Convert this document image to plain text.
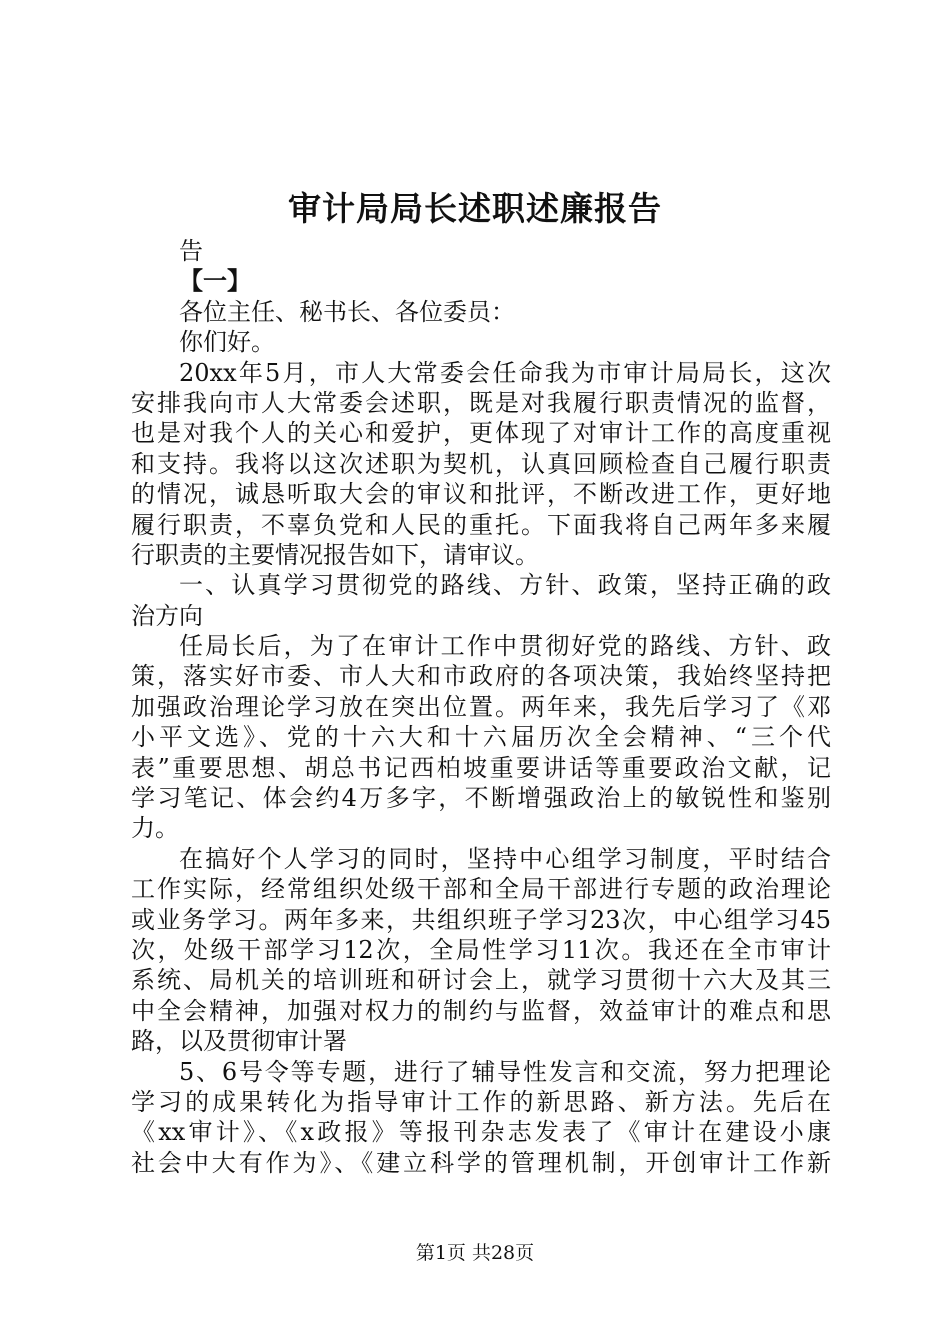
审计局局长述职述廉报告
告
【一】
各位主任、秘书长、各位委员：
你们好。
20xx年5月，市人大常委会任命我为市审计局局长，这次
安排我向市人大常委会述职，既是对我履行职责情况的监督，
也是对我个人的关心和爱护，更体现了对审计工作的高度重视
和支持。我将以这次述职为契机，认真回顾检查自己履行职责
的情况，诚恳听取大会的审议和批评，不断改进工作，更好地
履行职责，不辜负党和人民的重托。下面我将自己两年多来履
行职责的主要情况报告如下，请审议。
一、认真学习贯彻党的路线、方针、政策，坚持正确的政
治方向
任局长后，为了在审计工作中贯彻好党的路线、方针、政
策，落实好市委、市人大和市政府的各项决策，我始终坚持把
加强政治理论学习放在突出位置。两年来，我先后学习了《邓
小平文选》、党的十六大和十六届历次全会精神、“三个代
表”重要思想、胡总书记西柏坡重要讲话等重要政治文献，记
学习笔记、体会约4万多字，不断增强政治上的敏锐性和鉴别
力。
在搞好个人学习的同时，坚持中心组学习制度，平时结合
工作实际，经常组织处级干部和全局干部进行专题的政治理论
或业务学习。两年多来，共组织班子学习23次，中心组学习45
次，处级干部学习12次，全局性学习11次。我还在全市审计
系统、局机关的培训班和研讨会上，就学习贯彻十六大及其三
中全会精神，加强对权力的制约与监督，效益审计的难点和思
路，以及贯彻审计署
5、6号令等专题，进行了辅导性发言和交流，努力把理论
学习的成果转化为指导审计工作的新思路、新方法。先后在
《xx审计》、《x政报》等报刊杂志发表了《审计在建设小康
社会中大有作为》、《建立科学的管理机制，开创审计工作新
第1页 共28页
